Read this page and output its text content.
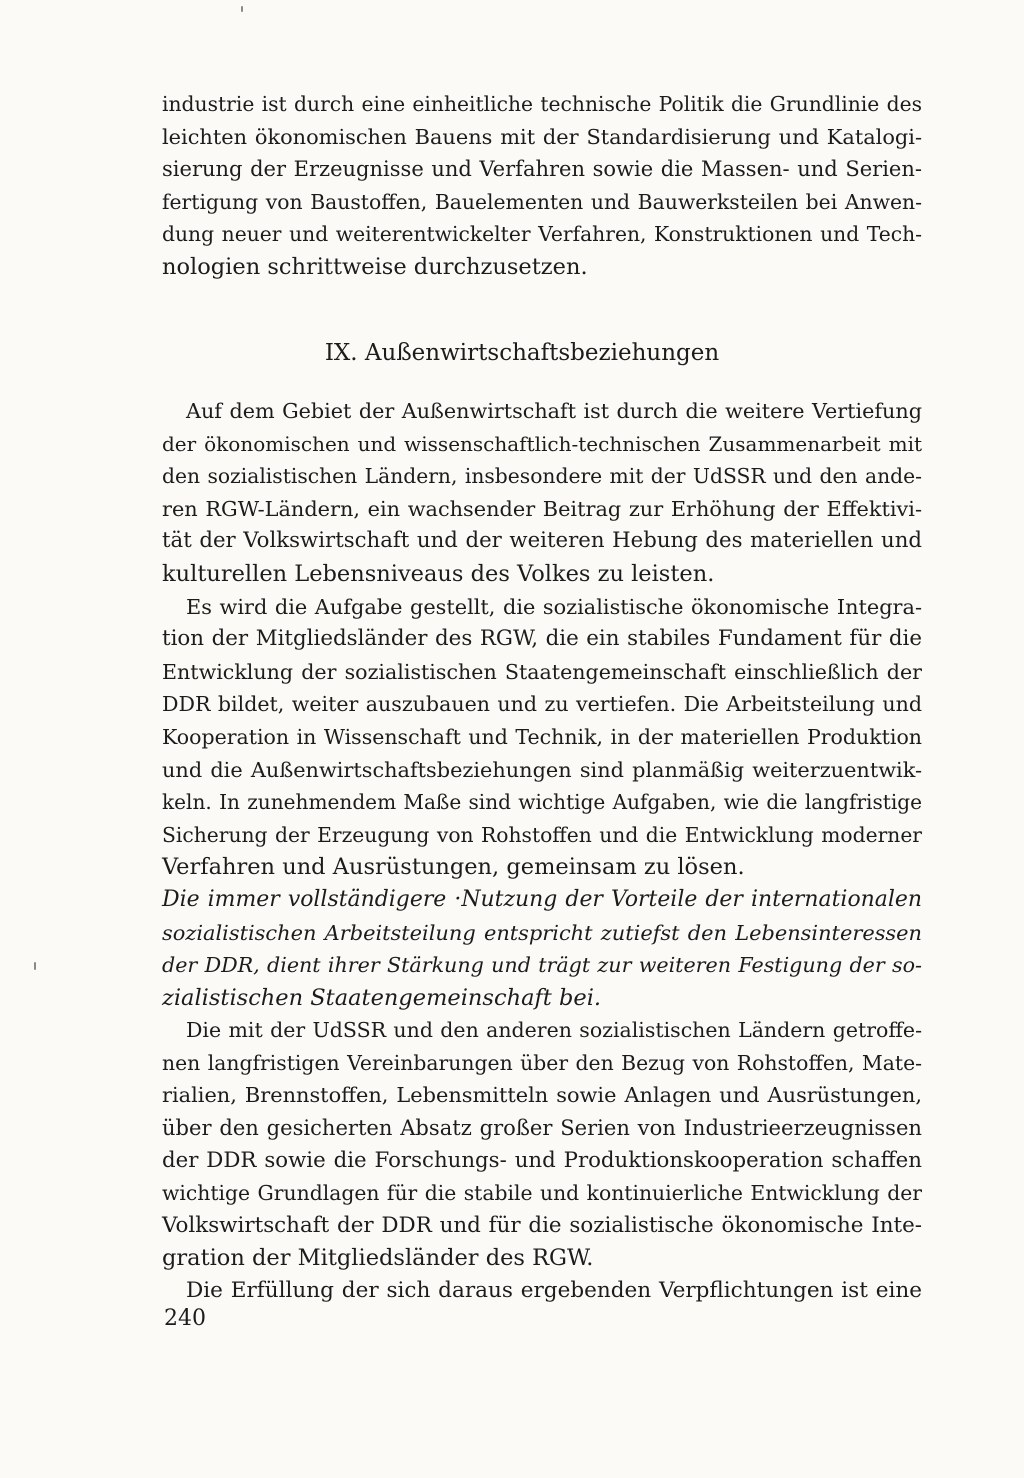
industrie ist durch eine einheitliche technische Politik die Grundlinie des
leichten ökonomischen Bauens mit der Standardisierung und Katalogi-
sierung der Erzeugnisse und Verfahren sowie die Massen- und Serien-
fertigung von Baustoffen, Bauelementen und Bauwerksteilen bei Anwen-
dung neuer und weiterentwickelter Verfahren, Konstruktionen und Tech-
nologien schrittweise durchzusetzen.
IX. Außenwirtschaftsbeziehungen
Auf dem Gebiet der Außenwirtschaft ist durch die weitere Vertiefung
der ökonomischen und wissenschaftlich-technischen Zusammenarbeit mit
den sozialistischen Ländern, insbesondere mit der UdSSR und den ande-
ren RGW-Ländern, ein wachsender Beitrag zur Erhöhung der Effektivi-
tät der Volkswirtschaft und der weiteren Hebung des materiellen und
kulturellen Lebensniveaus des Volkes zu leisten.
Es wird die Aufgabe gestellt, die sozialistische ökonomische Integra-
tion der Mitgliedsländer des RGW, die ein stabiles Fundament für die
Entwicklung der sozialistischen Staatengemeinschaft einschließlich der
DDR bildet, weiter auszubauen und zu vertiefen. Die Arbeitsteilung und
Kooperation in Wissenschaft und Technik, in der materiellen Produktion
und die Außenwirtschaftsbeziehungen sind planmäßig weiterzuentwik-
keln. In zunehmendem Maße sind wichtige Aufgaben, wie die langfristige
Sicherung der Erzeugung von Rohstoffen und die Entwicklung moderner
Verfahren und Ausrüstungen, gemeinsam zu lösen.
Die immer vollständigere ·Nutzung der Vorteile der internationalen
sozialistischen Arbeitsteilung entspricht zutiefst den Lebensinteressen
der DDR, dient ihrer Stärkung und trägt zur weiteren Festigung der so-
zialistischen Staatengemeinschaft bei.
Die mit der UdSSR und den anderen sozialistischen Ländern getroffe-
nen langfristigen Vereinbarungen über den Bezug von Rohstoffen, Mate-
rialien, Brennstoffen, Lebensmitteln sowie Anlagen und Ausrüstungen,
über den gesicherten Absatz großer Serien von Industrieerzeugnissen
der DDR sowie die Forschungs- und Produktionskooperation schaffen
wichtige Grundlagen für die stabile und kontinuierliche Entwicklung der
Volkswirtschaft der DDR und für die sozialistische ökonomische Inte-
gration der Mitgliedsländer des RGW.
Die Erfüllung der sich daraus ergebenden Verpflichtungen ist eine
240
